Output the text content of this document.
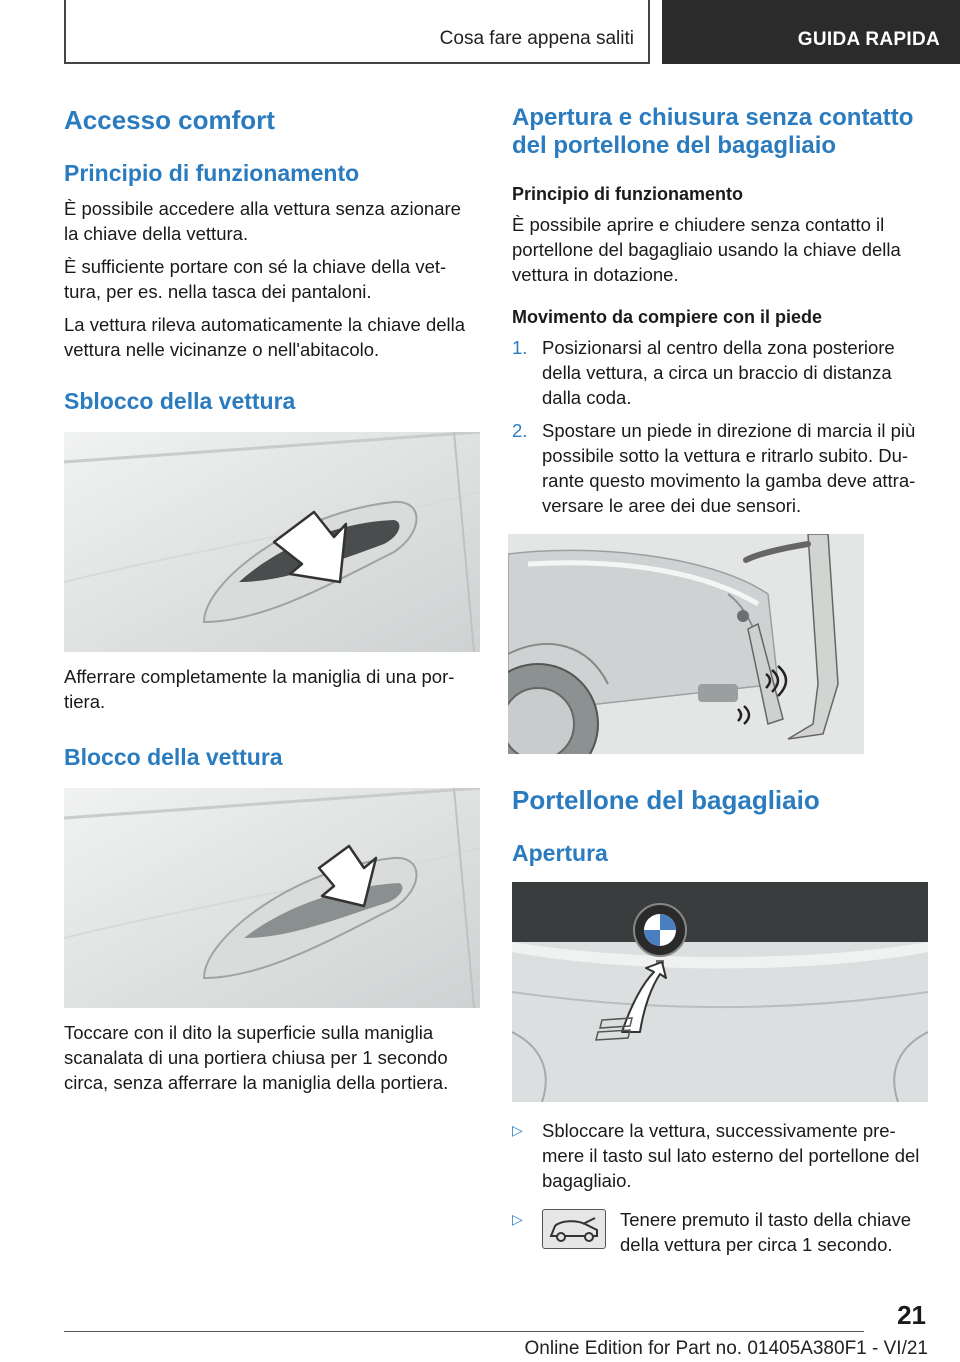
Cosa fare appena saliti	GUIDA RAPIDA
Accesso comfort
Principio di funzionamento

È possibile accedere alla vettura senza azionare la chiave della vettura.

È sufficiente portare con sé la chiave della vet-tura, per es. nella tasca dei pantaloni.

La vettura rileva automaticamente la chiave della vettura nelle vicinanze o nell'abitacolo.

Sblocco della vettura

Afferrare completamente la maniglia di una por-tiera.

Blocco della vettura

Toccare con il dito la superficie sulla maniglia scanalata di una portiera chiusa per 1 secondo circa, senza afferrare la maniglia della portiera.

Apertura e chiusura senza contatto del portellone del bagagliaio
Principio di funzionamento

È possibile aprire e chiudere senza contatto il portellone del bagagliaio usando la chiave della vettura in dotazione.

Movimento da compiere con il piede
1. Posizionarsi al centro della zona posteriore della vettura, a circa un braccio di distanza dalla coda.
2. Spostare un piede in direzione di marcia il più possibile sotto la vettura e ritrarlo subito. Du-rante questo movimento la gamba deve attra-versare le aree dei due sensori.
Portellone del bagagliaio
Apertura
▷ Sbloccare la vettura, successivamente pre-mere il tasto sul lato esterno del portellone del bagagliaio.
▷	Tenere premuto il tasto della chiave della vettura per circa 1 secondo.
21
Online Edition for Part no. 01405A380F1 - VI/21
